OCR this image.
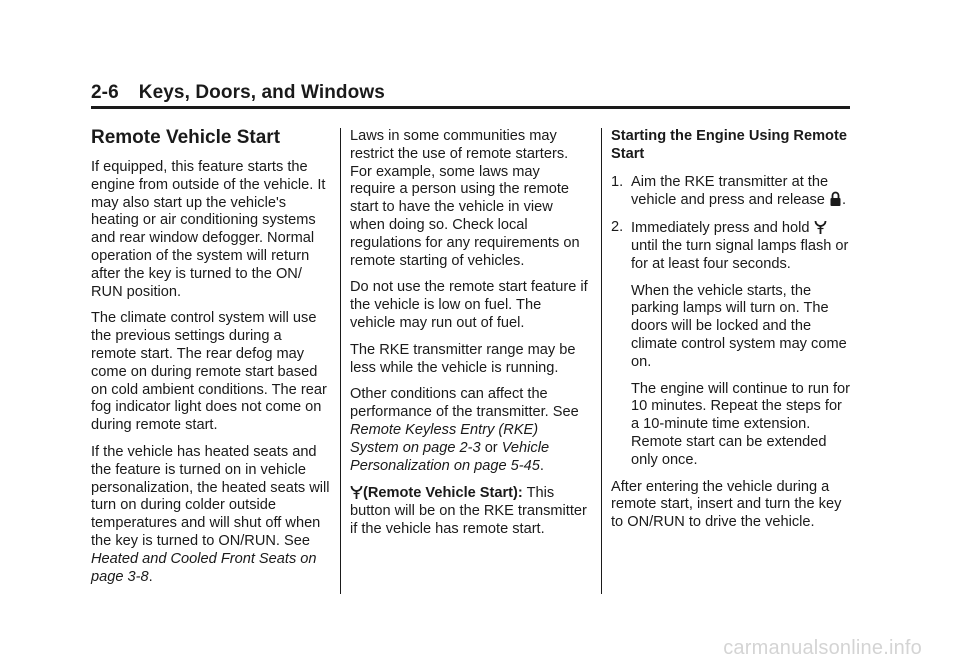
2-6 Keys, Doors, and Windows
Remote Vehicle Start

If equipped, this feature starts the engine from outside of the vehicle. It may also start up the vehicle's heating or air conditioning systems and rear window defogger. Normal operation of the system will return after the key is turned to the ON/ RUN position.

The climate control system will use the previous settings during a remote start. The rear defog may come on during remote start based on cold ambient conditions. The rear fog indicator light does not come on during remote start.

If the vehicle has heated seats and the feature is turned on in vehicle personalization, the heated seats will turn on during colder outside temperatures and will shut off when the key is turned to ON/RUN. See Heated and Cooled Front Seats on page 3-8.

Laws in some communities may restrict the use of remote starters. For example, some laws may require a person using the remote start to have the vehicle in view when doing so. Check local regulations for any requirements on remote starting of vehicles.

Do not use the remote start feature if the vehicle is low on fuel. The vehicle may run out of fuel.

The RKE transmitter range may be less while the vehicle is running.

Other conditions can affect the performance of the transmitter. See Remote Keyless Entry (RKE) System on page 2-3 or Vehicle Personalization on page 5-45.

(Remote Vehicle Start): This button will be on the RKE transmitter if the vehicle has remote start.

Starting the Engine Using Remote Start
1. Aim the RKE transmitter at the vehicle and press and release .
2. Immediately press and hold
until the turn signal lamps flash or for at least four seconds.

When the vehicle starts, the parking lamps will turn on. The doors will be locked and the climate control system may come on.

The engine will continue to run for 10 minutes. Repeat the steps for a 10-minute time extension. Remote start can be extended only once.

After entering the vehicle during a remote start, insert and turn the key to ON/RUN to drive the vehicle.

carmanualsonline.info
